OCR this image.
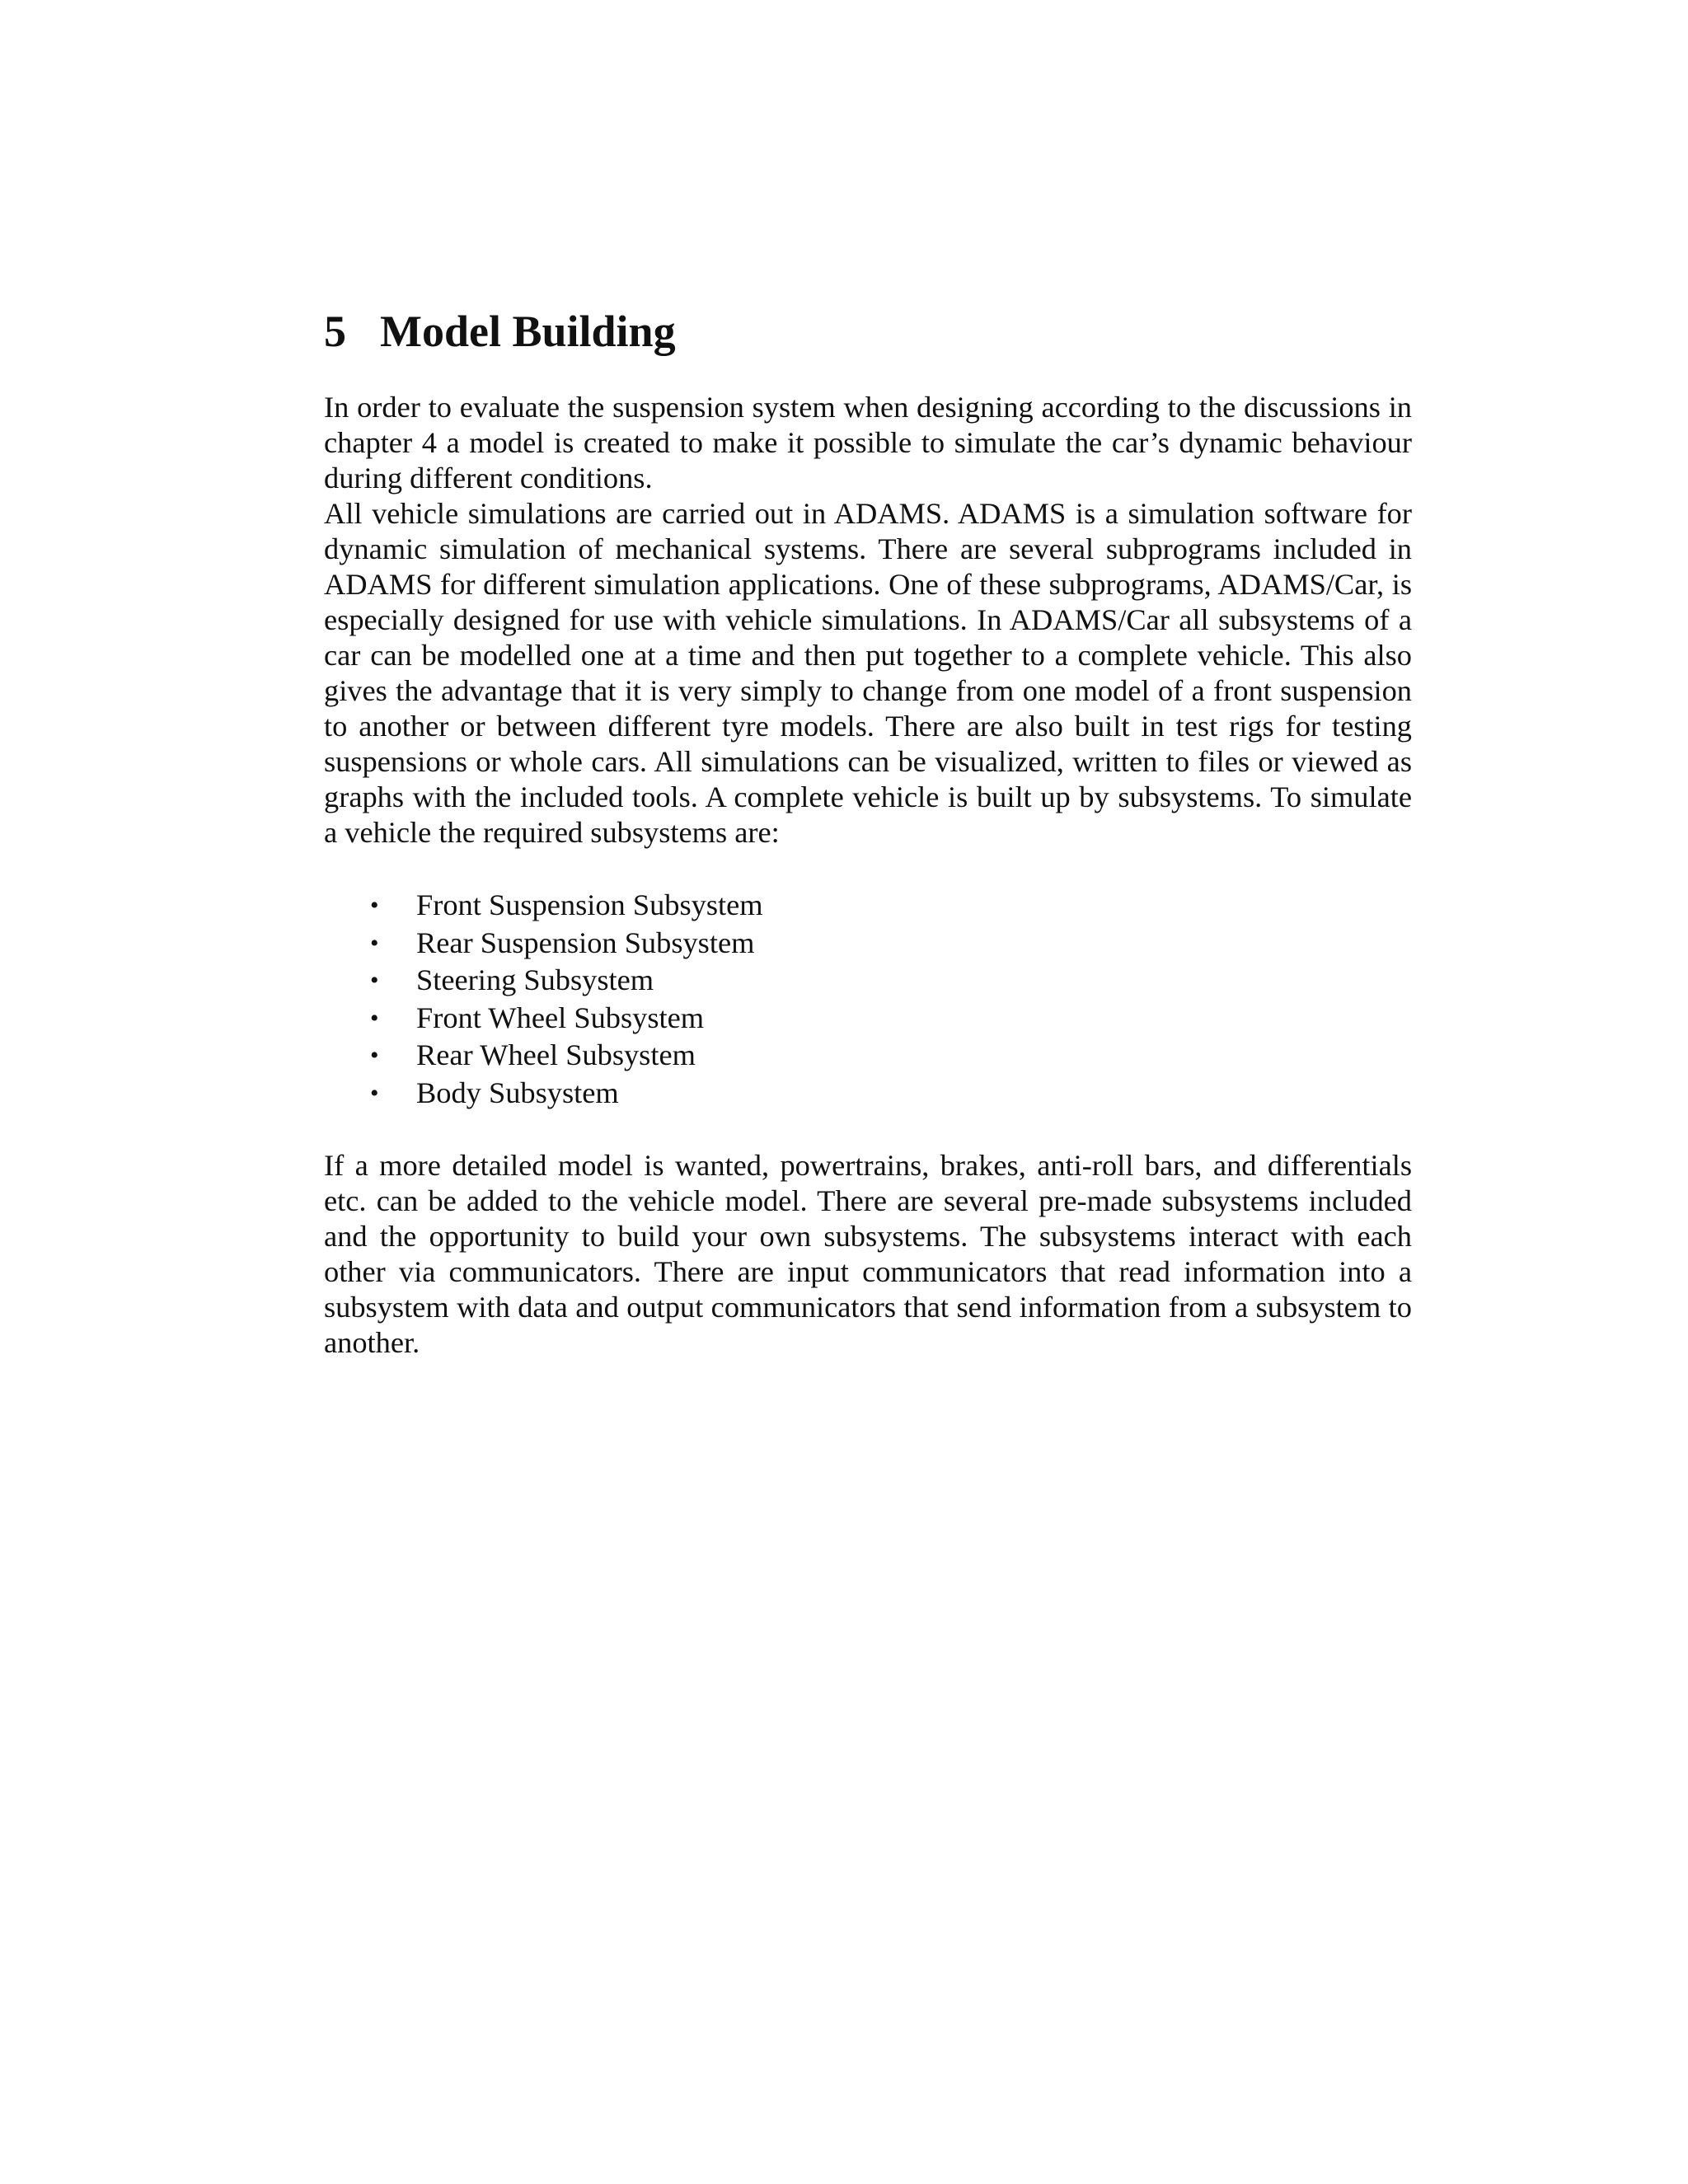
5 Model Building

In order to evaluate the suspension system when designing according to the discussions in chapter 4 a model is created to make it possible to simulate the car’s dynamic behaviour during different conditions.

All vehicle simulations are carried out in ADAMS. ADAMS is a simulation software for dynamic simulation of mechanical systems. There are several subprograms included in ADAMS for different simulation applications. One of these subprograms, ADAMS/Car, is especially designed for use with vehicle simulations. In ADAMS/Car all subsystems of a car can be modelled one at a time and then put together to a complete vehicle. This also gives the advantage that it is very simply to change from one model of a front suspension to another or between different tyre models. There are also built in test rigs for testing suspensions or whole cars. All simulations can be visualized, written to files or viewed as graphs with the included tools. A complete vehicle is built up by subsystems. To simulate a vehicle the required subsystems are:

• Front Suspension Subsystem
• Rear Suspension Subsystem
• Steering Subsystem
• Front Wheel Subsystem
• Rear Wheel Subsystem
• Body Subsystem

If a more detailed model is wanted, powertrains, brakes, anti-roll bars, and differentials etc. can be added to the vehicle model. There are several pre-made subsystems included and the opportunity to build your own subsystems. The subsystems interact with each other via communicators. There are input communicators that read information into a subsystem with data and output communicators that send information from a subsystem to another.
